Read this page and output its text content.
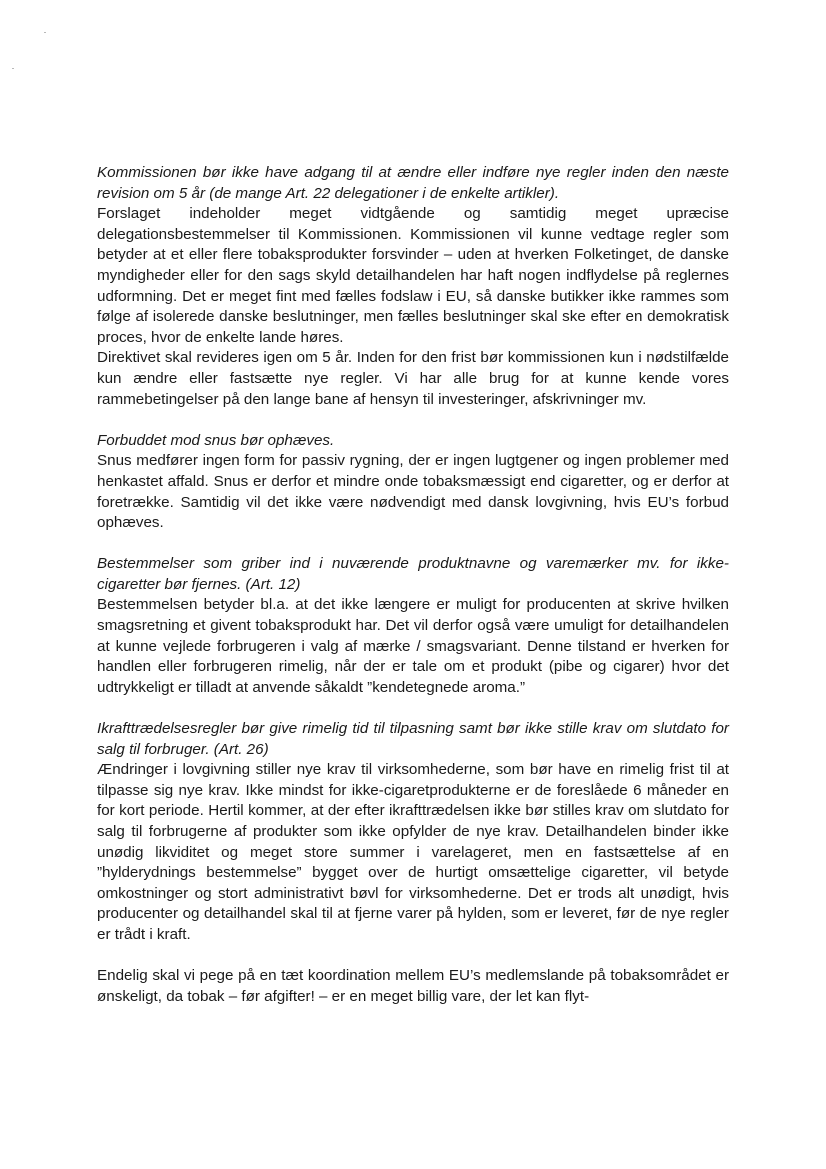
Kommissionen bør ikke have adgang til at ændre eller indføre nye regler inden den næste revision om 5 år (de mange Art. 22 delegationer i de enkelte artikler).
Forslaget indeholder meget vidtgående og samtidig meget upræcise delegationsbestemmelser til Kommissionen. Kommissionen vil kunne vedtage regler som betyder at et eller flere tobaksprodukter forsvinder – uden at hverken Folketinget, de danske myndigheder eller for den sags skyld detailhandelen har haft nogen indflydelse på reglernes udformning. Det er meget fint med fælles fodslaw i EU, så danske butikker ikke rammes som følge af isolerede danske beslutninger, men fælles beslutninger skal ske efter en demokratisk proces, hvor de enkelte lande høres.
Direktivet skal revideres igen om 5 år. Inden for den frist bør kommissionen kun i nødstilfælde kun ændre eller fastsætte nye regler. Vi har alle brug for at kunne kende vores rammebetingelser på den lange bane af hensyn til investeringer, afskrivninger mv.
Forbuddet mod snus bør ophæves.
Snus medfører ingen form for passiv rygning, der er ingen lugtgener og ingen problemer med henkastet affald. Snus er derfor et mindre onde tobaksmæssigt end cigaretter, og er derfor at foretrække. Samtidig vil det ikke være nødvendigt med dansk lovgivning, hvis EU’s forbud ophæves.
Bestemmelser som griber ind i nuværende produktnavne og varemærker mv. for ikke-cigaretter bør fjernes. (Art. 12)
Bestemmelsen betyder bl.a. at det ikke længere er muligt for producenten at skrive hvilken smagsretning et givent tobaksprodukt har. Det vil derfor også være umuligt for detailhandelen at kunne vejlede forbrugeren i valg af mærke / smagsvariant. Denne tilstand er hverken for handlen eller forbrugeren rimelig, når der er tale om et produkt (pibe og cigarer) hvor det udtrykkeligt er tilladt at anvende såkaldt ”kendetegnede aroma.”
Ikrafttrædelsesregler bør give rimelig tid til tilpasning samt bør ikke stille krav om slutdato for salg til forbruger. (Art. 26)
Ændringer i lovgivning stiller nye krav til virksomhederne, som bør have en rimelig frist til at tilpasse sig nye krav. Ikke mindst for ikke-cigaretprodukterne er de foreslåede 6 måneder en for kort periode. Hertil kommer, at der efter ikrafttrædelsen ikke bør stilles krav om slutdato for salg til forbrugerne af produkter som ikke opfylder de nye krav. Detailhandelen binder ikke unødig likviditet og meget store summer i varelageret, men en fastsættelse af en ”hylderydnings bestemmelse” bygget over de hurtigt omsættelige cigaretter, vil betyde omkostninger og stort administrativt bøvl for virksomhederne. Det er trods alt unødigt, hvis producenter og detailhandel skal til at fjerne varer på hylden, som er leveret, før de nye regler er trådt i kraft.
Endelig skal vi pege på en tæt koordination mellem EU’s medlemslande på tobaksområdet er ønskeligt, da tobak – før afgifter! – er en meget billig vare, der let kan flyt-
